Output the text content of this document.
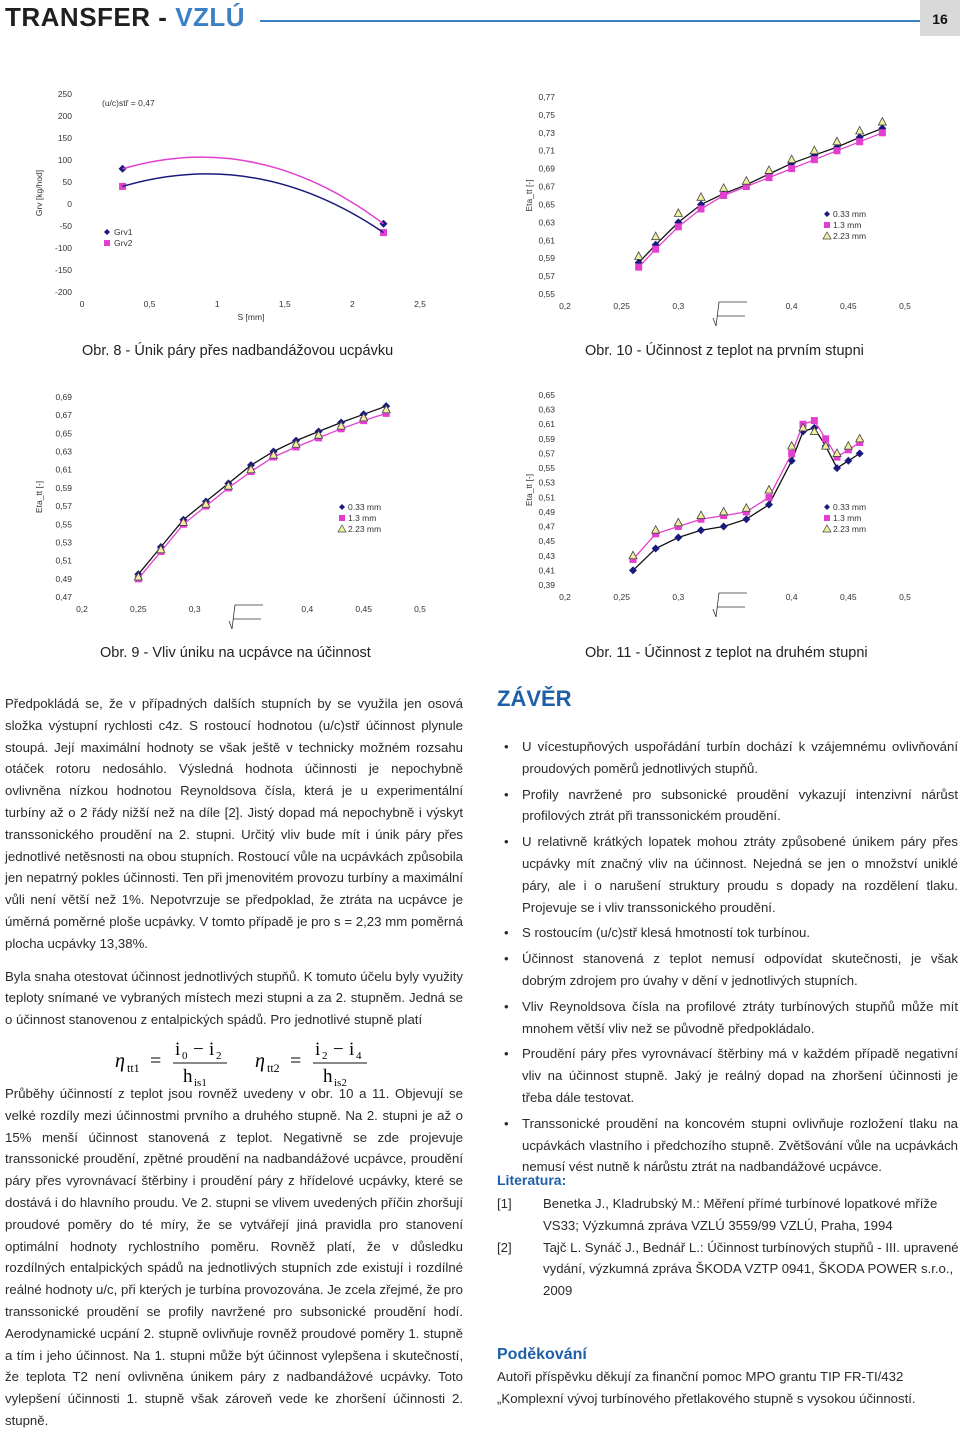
TRANSFER - VZLÚ	16
250
200
150
100
50
0
-50
-100
-150
-200
0	0,5	1	1,5	2	2,5
Grv [kg/hod]
S [mm]
(u/c)stř = 0,47
Grv1
Grv2
0,77
0,75
0,73
0,71
0,69
0,67
0,65
0,63
0,61
0,59
0,57
0,55
0,2	0,25	0,3	0,4	0,45	0,5
Eta_tt [-]
0.33 mm
1.3 mm
2.23 mm
0,69
0,67
0,65
0,63
0,61
0,59
0,57
0,55
0,53
0,51
0,49
0,47
0,2	0,25	0,3	0,4	0,45	0,5
Eta_tt [-]	0.33 mm
1.3 mm
2.23 mm
0,65
0,63
0,61
0,59
0,57
0,55
0,53
0,51
0,49
0,47
0,45
0,43
0,41
0,39
0,2	0,25	0,3	0,4	0,45	0,5
Eta_tt [-]
0.33 mm
1.3 mm
2.23 mm
Obr. 8 - Únik páry přes nadbandážovou ucpávku	Obr. 10 - Účinnost z teplot na prvním stupni
Obr. 9 - Vliv úniku na ucpávce na účinnost	Obr. 11 - Účinnost z teplot na druhém stupni

Předpokládá se, že v případných dalších stupních by se využila jen osová složka výstupní rychlosti c4z. S rostoucí hodnotou (u/c)stř účinnost plynule stoupá. Její maximální hodnoty se však ještě v technicky možném rozsahu otáček rotoru nedosáhlo. Výsledná hodnota účinnosti je nepochybně ovlivněna nízkou hodnotou Reynoldsova čísla, která je u experimentální turbíny až o 2 řády nižší než na díle [2]. Jistý dopad má nepochybně i výskyt transsonického proudění na 2. stupni. Určitý vliv bude mít i únik páry přes jednotlivé netěsnosti na obou stupních. Rostoucí vůle na ucpávkách způsobila jen nepatrný pokles účinnosti. Ten při jmenovitém provozu turbíny a maximální vůli není větší než 1%. Nepotvrzuje se předpoklad, že ztráta na ucpávce je úměrná poměrné ploše ucpávky. V tomto případě je pro s = 2,23 mm poměrná plocha ucpávky 13,38%.

Byla snaha otestovat účinnost jednotlivých stupňů. K tomuto účelu byly využity teploty snímané ve vybraných místech mezi stupni a za 2. stupněm. Jedná se o účinnost stanovenou z entalpických spádů. Pro jednotlivé stupně platí

η tt1 =
i 0 − i 2
h is1
η tt2 =
i 2 − i 4
h is2

Průběhy účinností z teplot jsou rovněž uvedeny v obr. 10 a 11. Objevují se velké rozdíly mezi účinnostmi prvního a druhého stupně. Na 2. stupni je až o 15% menší účinnost stanovená z teplot. Negativně se zde projevuje transsonické proudění, zpětné proudění na nadbandážové ucpávce, proudění páry přes vyrovnávací štěrbiny i proudění páry z hřídelové ucpávky, které se dostává i do hlavního proudu. Ve 2. stupni se vlivem uvedených příčin zhoršují proudové poměry do té míry, že se vytvářejí jiná pravidla pro stanovení optimální hodnoty rychlostního poměru. Rovněž platí, že v důsledku rozdílných entalpických spádů na jednotlivých stupních zde existují i rozdílné reálné hodnoty u/c, při kterých je turbína provozována. Je zcela zřejmé, že pro transsonické proudění se profily navržené pro subsonické proudění hodí. Aerodynamické ucpání 2. stupně ovlivňuje rovněž proudové poměry 1. stupně a tím i jeho účinnost. Na 1. stupni může být účinnost vylepšena i skutečností, že teplota T2 není ovlivněna únikem páry z nadbandážové ucpávky. Toto vylepšení účinnosti 1. stupně však zároveň vede ke zhoršení účinnosti 2. stupně.

ZÁVĚR
• U vícestupňových uspořádání turbín dochází k vzájemnému ovlivňování proudových poměrů jednotlivých stupňů.
• Profily navržené pro subsonické proudění vykazují intenzivní nárůst profilových ztrát při transsonickém proudění.
• U relativně krátkých lopatek mohou ztráty způsobené únikem páry přes ucpávky mít značný vliv na účinnost. Nejedná se jen o množství uniklé páry, ale i o narušení struktury proudu s dopady na rozdělení tlaku. Projevuje se i vliv transsonického proudění.
• S rostoucím (u/c)stř klesá hmotností tok turbínou.
• Účinnost stanovená z teplot nemusí odpovídat skutečnosti, je však dobrým zdrojem pro úvahy v dění v jednotlivých stupních.
• Vliv Reynoldsova čísla na profilové ztráty turbínových stupňů může mít mnohem větší vliv než se původně předpokládalo.
• Proudění páry přes vyrovnávací štěrbiny má v každém případě negativní vliv na účinnost stupně. Jaký je reálný dopad na zhoršení účinnosti je třeba dále testovat.
• Transsonické proudění na koncovém stupni ovlivňuje rozložení tlaku na ucpávkách vlastního i předchozího stupně. Zvětšování vůle na ucpávkách nemusí vést nutně k nárůstu ztrát na nadbandážové ucpávce.
Literatura:
[1]	Benetka J., Kladrubský M.: Měření přímé turbínové lopatkové mříže VS33; Výzkumná zpráva VZLÚ 3559/99 VZLÚ, Praha, 1994
[2]	Tajč L. Synáč J., Bednář L.: Účinnost turbínových stupňů - III. upravené vydání, výzkumná zpráva ŠKODA VZTP 0941, ŠKODA POWER s.r.o., 2009
Poděkování
Autoři příspěvku děkují za finanční pomoc MPO grantu TIP FR-TI/432 „Komplexní vývoj turbínového přetlakového stupně s vysokou účinností.
